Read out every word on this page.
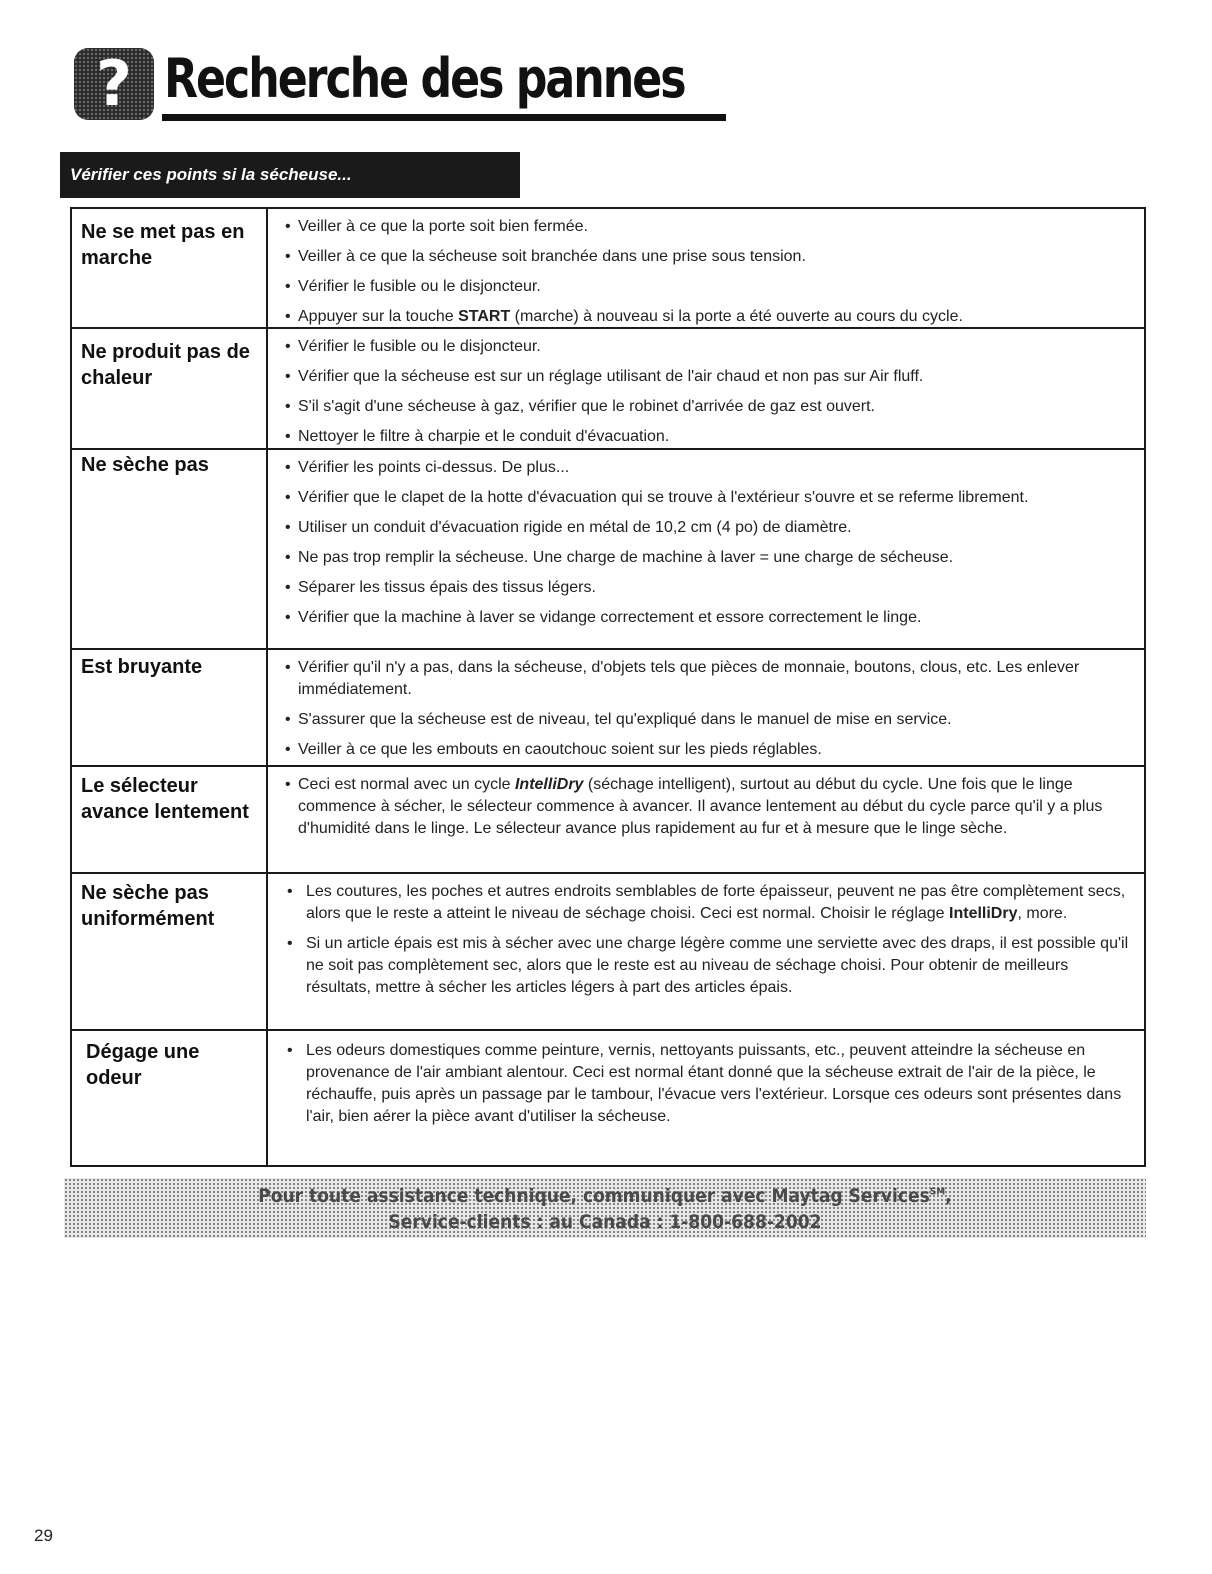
? Recherche des pannes
Vérifier ces points si la sécheuse...
Ne se met pas en marche
• Veiller à ce que la porte soit bien fermée.
• Veiller à ce que la sécheuse soit branchée dans une prise sous tension.
• Vérifier le fusible ou le disjoncteur.
• Appuyer sur la touche START (marche) à nouveau si la porte a été ouverte au cours du cycle.
Ne produit pas de chaleur
• Vérifier le fusible ou le disjoncteur.
• Vérifier que la sécheuse est sur un réglage utilisant de l'air chaud et non pas sur Air fluff.
• S'il s'agit d'une sécheuse à gaz, vérifier que le robinet d'arrivée de gaz est ouvert.
• Nettoyer le filtre à charpie et le conduit d'évacuation.
Ne sèche pas	• Vérifier les points ci-dessus. De plus...
• Vérifier que le clapet de la hotte d'évacuation qui se trouve à l'extérieur s'ouvre et se referme librement.
• Utiliser un conduit d'évacuation rigide en métal de 10,2 cm (4 po) de diamètre.
• Ne pas trop remplir la sécheuse. Une charge de machine à laver = une charge de sécheuse.
• Séparer les tissus épais des tissus légers.
• Vérifier que la machine à laver se vidange correctement et essore correctement le linge.
Est bruyante	• Vérifier qu'il n'y a pas, dans la sécheuse, d'objets tels que pièces de monnaie, boutons, clous, etc. Les enlever immédiatement.
• S'assurer que la sécheuse est de niveau, tel qu'expliqué dans le manuel de mise en service.
• Veiller à ce que les embouts en caoutchouc soient sur les pieds réglables.
Le sélecteur avance lentement
• Ceci est normal avec un cycle IntelliDry (séchage intelligent), surtout au début du cycle. Une fois que le linge commence à sécher, le sélecteur commence à avancer. Il avance lentement au début du cycle parce qu'il y a plus d'humidité dans le linge. Le sélecteur avance plus rapidement au fur et à mesure que le linge sèche.
Ne sèche pas uniformément
• Les coutures, les poches et autres endroits semblables de forte épaisseur, peuvent ne pas être complètement secs, alors que le reste a atteint le niveau de séchage choisi. Ceci est normal. Choisir le réglage IntelliDry, more.
• Si un article épais est mis à sécher avec une charge légère comme une serviette avec des draps, il est possible qu'il ne soit pas complètement sec, alors que le reste est au niveau de séchage choisi. Pour obtenir de meilleurs résultats, mettre à sécher les articles légers à part des articles épais.
Dégage une odeur
• Les odeurs domestiques comme peinture, vernis, nettoyants puissants, etc., peuvent atteindre la sécheuse en provenance de l'air ambiant alentour. Ceci est normal étant donné que la sécheuse extrait de l'air de la pièce, le réchauffe, puis après un passage par le tambour, l'évacue vers l'extérieur. Lorsque ces odeurs sont présentes dans l'air, bien aérer la pièce avant d'utiliser la sécheuse.
Pour toute assistance technique, communiquer avec Maytag Services℠,
Service-clients : au Canada : 1-800-688-2002
29
